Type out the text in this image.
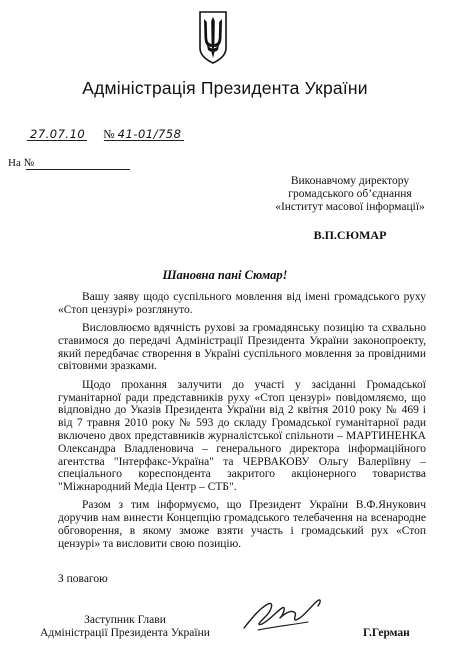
Адміністрація Президента України
27.07.10 № 41-01/758
На №
Виконавчому директору
громадського об’єднання
«Інститут масової інформації»
В.П.СЮМАР
Шановна пані Сюмар!

Вашу заяву щодо суспільного мовлення від імені громадського руху «Стоп цензурі» розглянуто.

Висловлюємо вдячність рухові за громадянську позицію та схвально ставимося до передачі Адміністрації Президента України законопроекту, який передбачає створення в Україні суспільного мовлення за провідними світовими зразками.

Щодо прохання залучити до участі у засіданні Громадської гуманітарної ради представників руху «Стоп цензурі» повідомляємо, що відповідно до Указів Президента України від 2 квітня 2010 року № 469 і від 7 травня 2010 року № 593 до складу Громадської гуманітарної ради включено двох представників журналістської спільноти – МАРТИНЕНКА Олександра Владленовича – генерального директора інформаційного агентства "Інтерфакс-Україна" та ЧЕРВАКОВУ Ольгу Валеріївну – спеціального кореспондента закритого акціонерного товариства "Міжнародний Медіа Центр – СТБ".

Разом з тим інформуємо, що Президент України В.Ф.Янукович доручив нам винести Концепцію громадського телебачення на всенародне обговорення, в якому зможе взяти участь і громадський рух «Стоп цензурі» та висловити свою позицію.

З повагою
Заступник Глави
Адміністрації Президента України	Г.Герман
